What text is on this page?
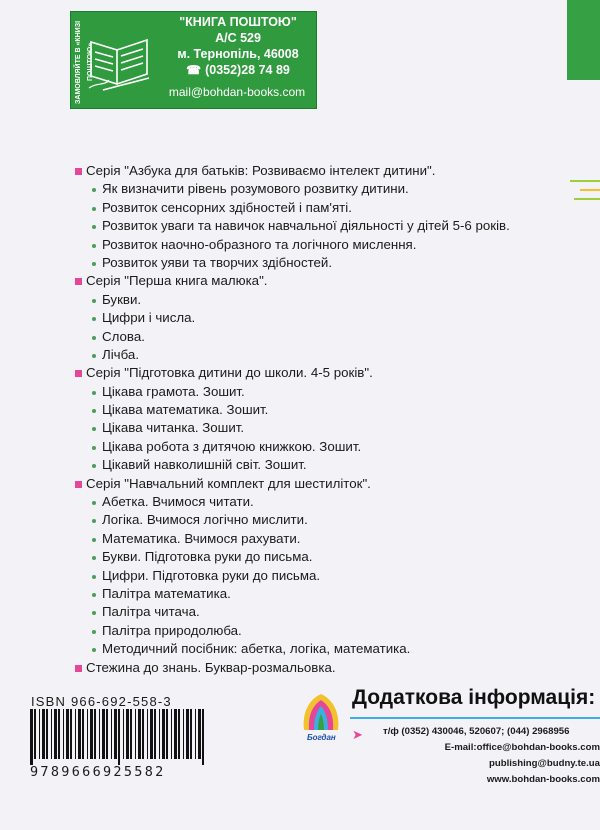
ЗАМОВЛЯЙТЕ В «КНИЗІ ПОШТОЮ»
"КНИГА ПОШТОЮ"
А/С 529
м. Тернопіль, 46008
☎ (0352)28 74 89
mail@bohdan-books.com
Серія "Азбука для батьків: Розвиваємо інтелект дитини".
Як визначити рівень розумового розвитку дитини.
Розвиток сенсорних здібностей і пам'яті.
Розвиток уваги та навичок навчальної діяльності у дітей 5-6 років.
Розвиток наочно-образного та логічного мислення.
Розвиток уяви та творчих здібностей.
Серія "Перша книга малюка".
Букви.
Цифри і числа.
Слова.
Лічба.
Серія "Підготовка дитини до школи. 4-5 років".
Цікава грамота. Зошит.
Цікава математика. Зошит.
Цікава читанка. Зошит.
Цікава робота з дитячою книжкою. Зошит.
Цікавий навколишній світ. Зошит.
Серія "Навчальний комплект для шестиліток".
Абетка. Вчимося читати.
Логіка. Вчимося логічно мислити.
Математика. Вчимося рахувати.
Букви. Підготовка руки до письма.
Цифри. Підготовка руки до письма.
Палітра математика.
Палітра читача.
Палітра природолюба.
Методичний посібник: абетка, логіка, математика.
Стежина до знань. Буквар-розмальовка.
ISBN 966-692-558-3
9789666925582
Богдан
Додаткова інформація:
➤ т/ф (0352) 430046, 520607; (044) 2968956
E-mail:office@bohdan-books.com
publishing@budny.te.ua
www.bohdan-books.com
